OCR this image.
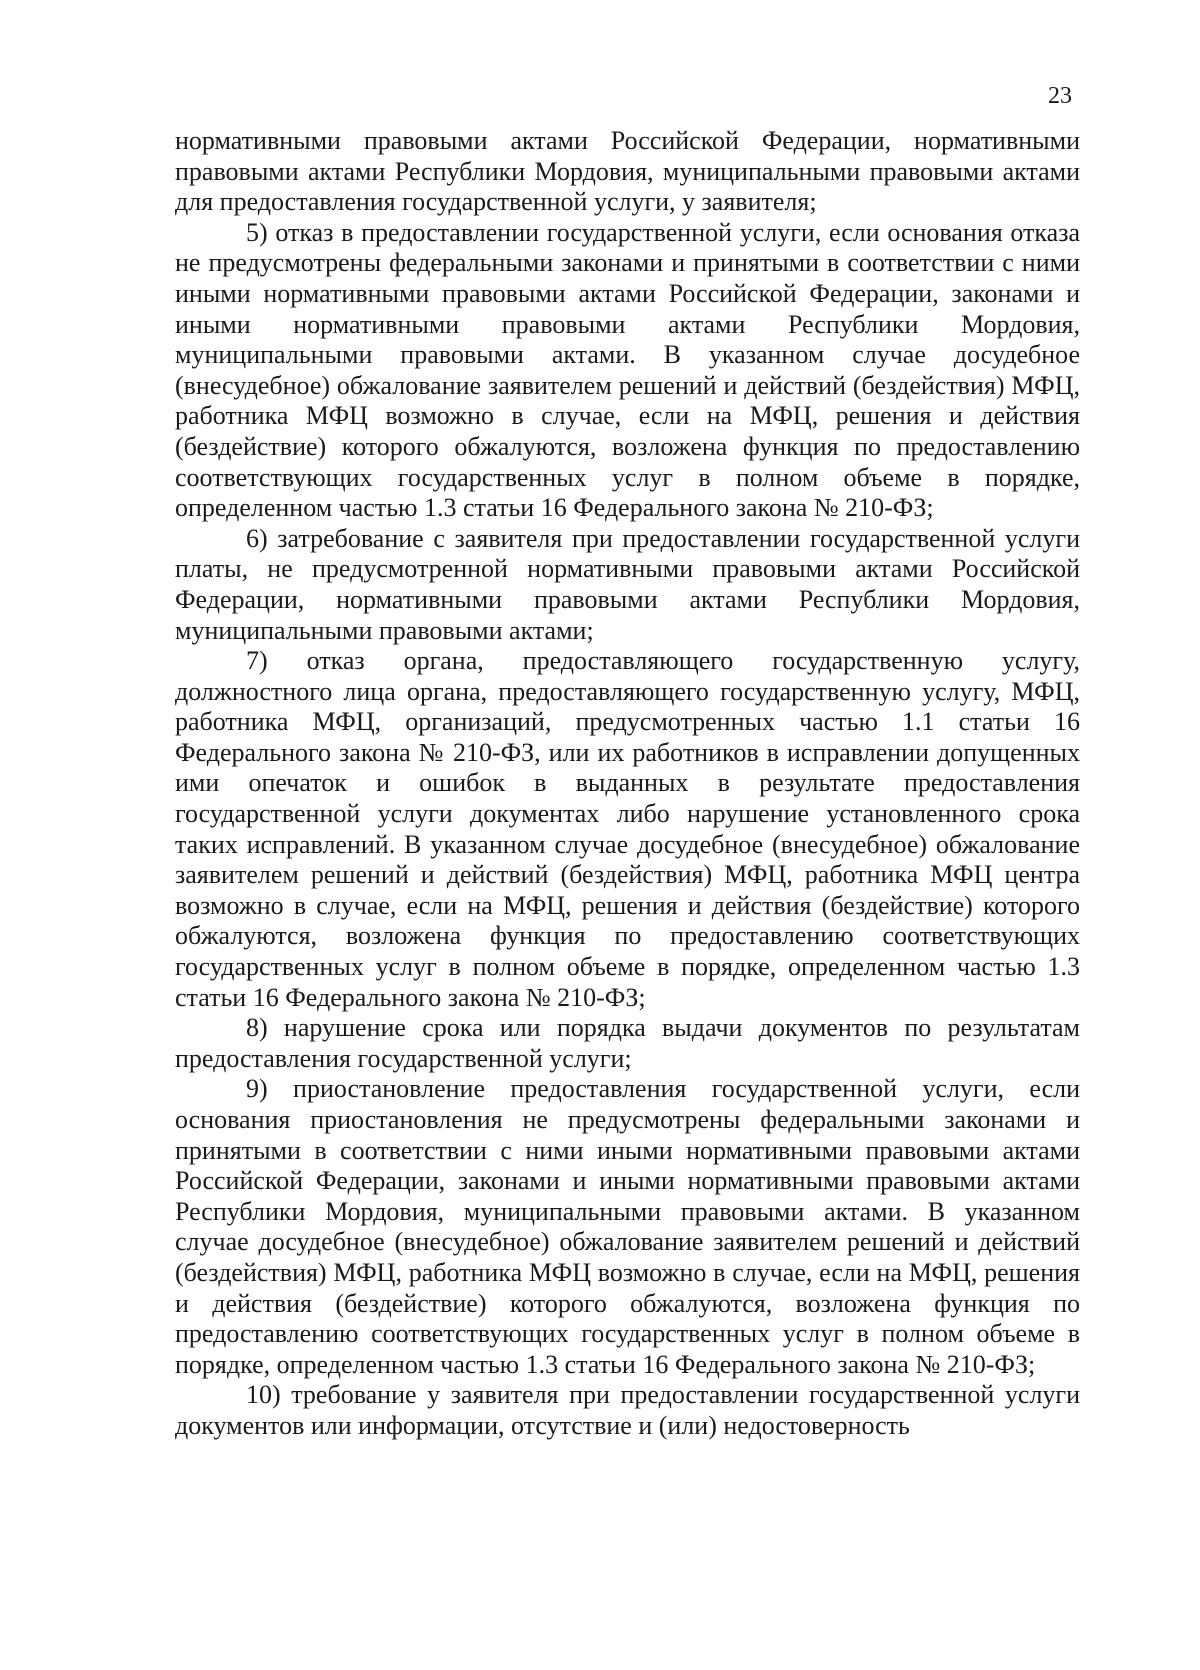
23

нормативными правовыми актами Российской Федерации, нормативными правовыми актами Республики Мордовия, муниципальными правовыми актами для предоставления государственной услуги, у заявителя;

5) отказ в предоставлении государственной услуги, если основания отказа не предусмотрены федеральными законами и принятыми в соответствии с ними иными нормативными правовыми актами Российской Федерации, законами и иными нормативными правовыми актами Республики Мордовия, муниципальными правовыми актами. В указанном случае досудебное (внесудебное) обжалование заявителем решений и действий (бездействия) МФЦ, работника МФЦ возможно в случае, если на МФЦ, решения и действия (бездействие) которого обжалуются, возложена функция по предоставлению соответствующих государственных услуг в полном объеме в порядке, определенном частью 1.3 статьи 16 Федерального закона № 210-ФЗ;

6) затребование с заявителя при предоставлении государственной услуги платы, не предусмотренной нормативными правовыми актами Российской Федерации, нормативными правовыми актами Республики Мордовия, муниципальными правовыми актами;

7) отказ органа, предоставляющего государственную услугу, должностного лица органа, предоставляющего государственную услугу, МФЦ, работника МФЦ, организаций, предусмотренных частью 1.1 статьи 16 Федерального закона № 210-ФЗ, или их работников в исправлении допущенных ими опечаток и ошибок в выданных в результате предоставления государственной услуги документах либо нарушение установленного срока таких исправлений. В указанном случае досудебное (внесудебное) обжалование заявителем решений и действий (бездействия) МФЦ, работника МФЦ центра возможно в случае, если на МФЦ, решения и действия (бездействие) которого обжалуются, возложена функция по предоставлению соответствующих государственных услуг в полном объеме в порядке, определенном частью 1.3 статьи 16 Федерального закона № 210-ФЗ;

8) нарушение срока или порядка выдачи документов по результатам предоставления государственной услуги;

9) приостановление предоставления государственной услуги, если основания приостановления не предусмотрены федеральными законами и принятыми в соответствии с ними иными нормативными правовыми актами Российской Федерации, законами и иными нормативными правовыми актами Республики Мордовия, муниципальными правовыми актами. В указанном случае досудебное (внесудебное) обжалование заявителем решений и действий (бездействия) МФЦ, работника МФЦ возможно в случае, если на МФЦ, решения и действия (бездействие) которого обжалуются, возложена функция по предоставлению соответствующих государственных услуг в полном объеме в порядке, определенном частью 1.3 статьи 16 Федерального закона № 210-ФЗ;

10) требование у заявителя при предоставлении государственной услуги документов или информации, отсутствие и (или) недостоверность
